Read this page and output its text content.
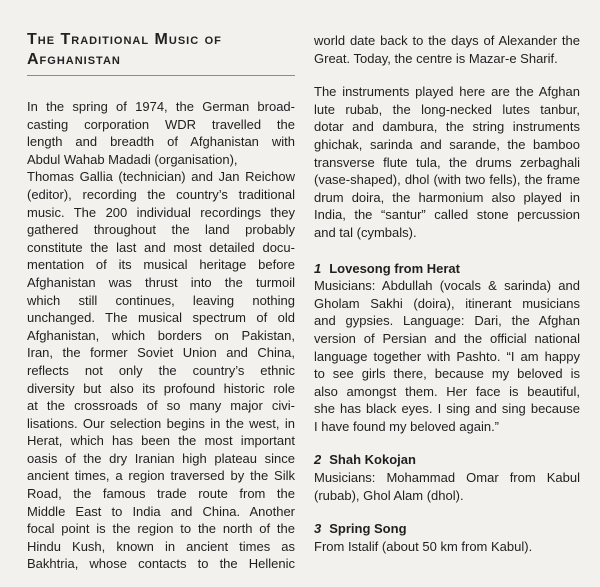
The Traditional Music of
Afghanistan

In the spring of 1974, the German broad-
casting corporation WDR travelled the
length and breadth of Afghanistan with
Abdul Wahab Madadi (organisation),
Thomas Gallia (technician) and Jan Reichow
(editor), recording the country’s traditional
music. The 200 individual recordings they
gathered throughout the land probably
constitute the last and most detailed docu-
mentation of its musical heritage before
Afghanistan was thrust into the turmoil
which still continues, leaving nothing
unchanged. The musical spectrum of old
Afghanistan, which borders on Pakistan,
Iran, the former Soviet Union and China,
reflects not only the country’s ethnic
diversity but also its profound historic role
at the crossroads of so many major civi-
lisations. Our selection begins in the west, in
Herat, which has been the most important
oasis of the dry Iranian high plateau since
ancient times, a region traversed by the Silk
Road, the famous trade route from the
Middle East to India and China. Another
focal point is the region to the north of the
Hindu Kush, known in ancient times as
Bakhtria, whose contacts to the Hellenic

world date back to the days of Alexander the
Great. Today, the centre is Mazar-e Sharif.

The instruments played here are the Afghan
lute rubab, the long-necked lutes tanbur,
dotar and dambura, the string instruments
ghichak, sarinda and sarande, the bamboo
transverse flute tula, the drums zerbaghali
(vase-shaped), dhol (with two fells), the frame
drum doira, the harmonium also played in
India, the “santur” called stone percussion
and tal (cymbals).

1 Lovesong from Herat

Musicians: Abdullah (vocals & sarinda) and
Gholam Sakhi (doira), itinerant musicians
and gypsies. Language: Dari, the Afghan
version of Persian and the official national
language together with Pashto. “I am happy
to see girls there, because my beloved is
also amongst them. Her face is beautiful,
she has black eyes. I sing and sing because
I have found my beloved again.”

2 Shah Kokojan

Musicians: Mohammad Omar from Kabul
(rubab), Ghol Alam (dhol).

3 Spring Song

From Istalif (about 50 km from Kabul).
